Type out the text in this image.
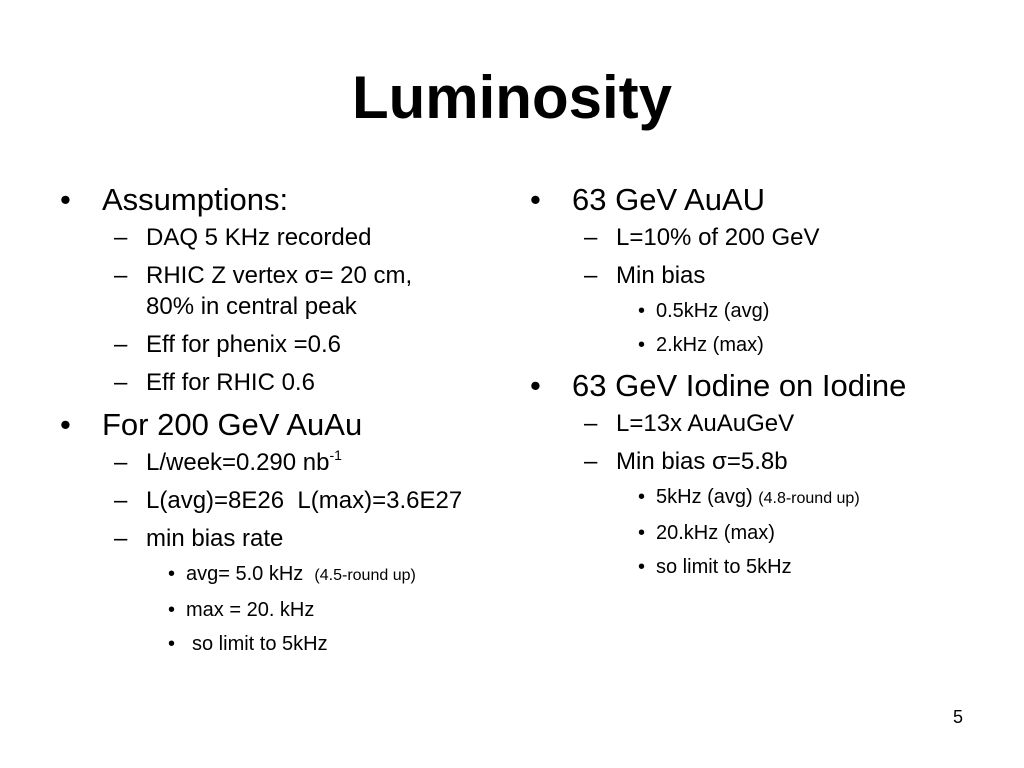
Luminosity
• Assumptions:
– DAQ 5 KHz recorded
– RHIC Z vertex σ= 20 cm,
80% in central peak
– Eff for phenix =0.6
– Eff for RHIC 0.6
• For 200 GeV AuAu
– L/week=0.290 $nb^{-1}$
– L(avg)=8E26  L(max)=3.6E27
– min bias rate
• avg= 5.0 kHz (4.5-round up)
• max = 20. kHz
• so limit to 5kHz
• 63 GeV AuAU
– L=10% of 200 GeV
– Min bias
• 0.5kHz (avg)
• 2.kHz (max)
• 63 GeV Iodine on Iodine
– L=13x AuAuGeV
– Min bias σ=5.8b
• 5kHz (avg) (4.8-round up)
• 20.kHz (max)
• so limit to 5kHz
5
